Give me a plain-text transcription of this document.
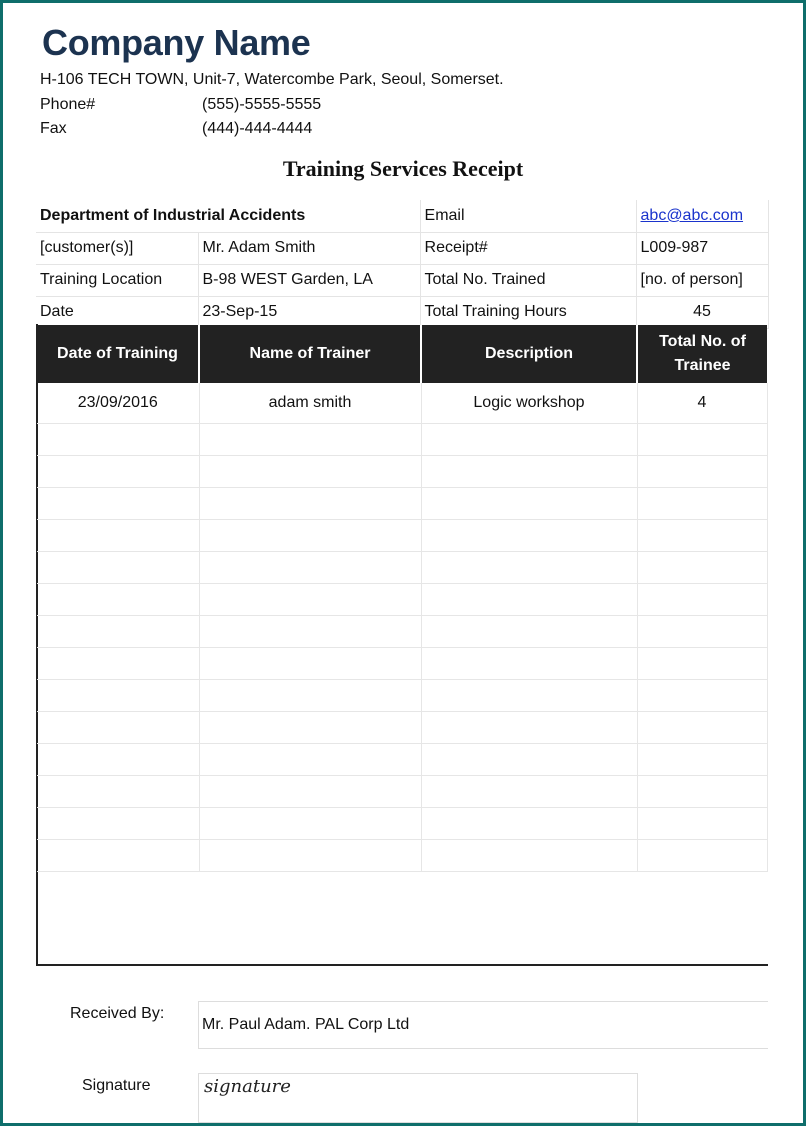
Company Name
H-106 TECH TOWN, Unit-7, Watercombe Park, Seoul, Somerset.
Phone#	(555)-5555-5555
Fax	(444)-444-4444
Training Services Receipt
Department of Industrial Accidents		Email	abc@abc.com
[customer(s)]	Mr. Adam Smith	Receipt#	L009-987
Training Location	B-98 WEST Garden, LA	Total No. Trained	[no. of person]
Date	23-Sep-15	Total Training Hours	45
Date of Training	Name of Trainer	Description	Total No. of Trainee
23/09/2016	adam smith	Logic workshop	4

Received By:
Mr. Paul Adam. PAL Corp Ltd
Signature	signature
